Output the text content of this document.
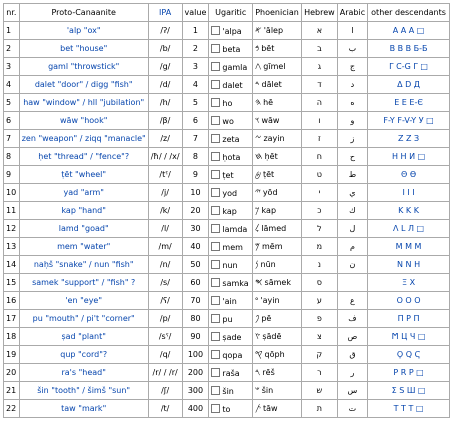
nr.	Proto-Canaanite	IPA	value	Ugaritic	Phoenician	Hebrew	Arabic	other descendants
1	'alp "ox"	/ʔ/	1	'alpa	𐤀 'ālep	א	ا	Α Α Α □
2	bet "house"	/b/	2	beta	𐤁 bēt	ב	ب	Β В В Б-Б
3	gaml "throwstick"	/g/	3	gamla	𐤂 gīmel	ג	ج	Γ С-G Γ □
4	dalet "door" / digg "fish"	/d/	4	dalet	𐤃 dālet	ד	د	Δ D Д
5	haw "window" / hll "jubilation"	/h/	5	ho	𐤄 hē	ה	ه	Ε Е Е-Є
6	wāw "hook"	/β/	6	wo	𐤅 wāw	ו	و	F-Y F-V-Y У □
7	zen "weapon" / ziqq "manacle"	/z/	7	zeta	𐤆 zayin	ז	ز	Ζ Z З
8	ḥet "thread" / "fence"?	/ħ/ / /x/	8	ḥota	𐤇 ḥēt	ח	ح	Η Н И □
9	ṭēt "wheel"	/tˤ/	9	ṭet	𐤈 ṭēt	ט	ط	Θ Ѳ
10	yad "arm"	/j/	10	yod	𐤉 yōd	י	ي	Ι Ι І
11	kap "hand"	/k/	20	kap	𐤊 kap	כ	ك	Κ Κ Κ
12	lamd "goad"	/l/	30	lamda	𐤋 lāmed	ל	ل	Λ L Л □
13	mem "water"	/m/	40	mem	𐤌 mēm	מ	م	Μ Μ Μ
14	naḥš "snake" / nun "fish"	/n/	50	nun	𐤍 nūn	נ	ن	Ν Ν Η
15	samek "support" / "fish" ?	/s/	60	samka	𐤎 sāmek	ס		Ξ Χ
16	'en "eye"	/ʕ/	70	'ain	𐤏 'ayin	ע	ع	Ο Ο Ο
17	pu "mouth" / pi't "corner"	/p/	80	pu	𐤐 pē	פ	ف	Π Ρ Π
18	ṣad "plant"	/sˤ/	90	ṣade	𐤑 ṣādē	צ	ص	Ϻ Ц Ч □
19	qup "cord"?	/q/	100	qopa	𐤒 qōph	ק	ق	Ϙ Q Ҁ
20	ra's "head"	/r/ / /r/	200	raša	𐤓 rēš	ר	ر	Ρ R Ρ □
21	šin "tooth" / šimš "sun"	/ʃ/	300	šin	𐤔 šin	ש	س	Σ S Ш □
22	taw "mark"	/t/	400	to	𐤕 tāw	ת	ت	Τ Τ Τ □
